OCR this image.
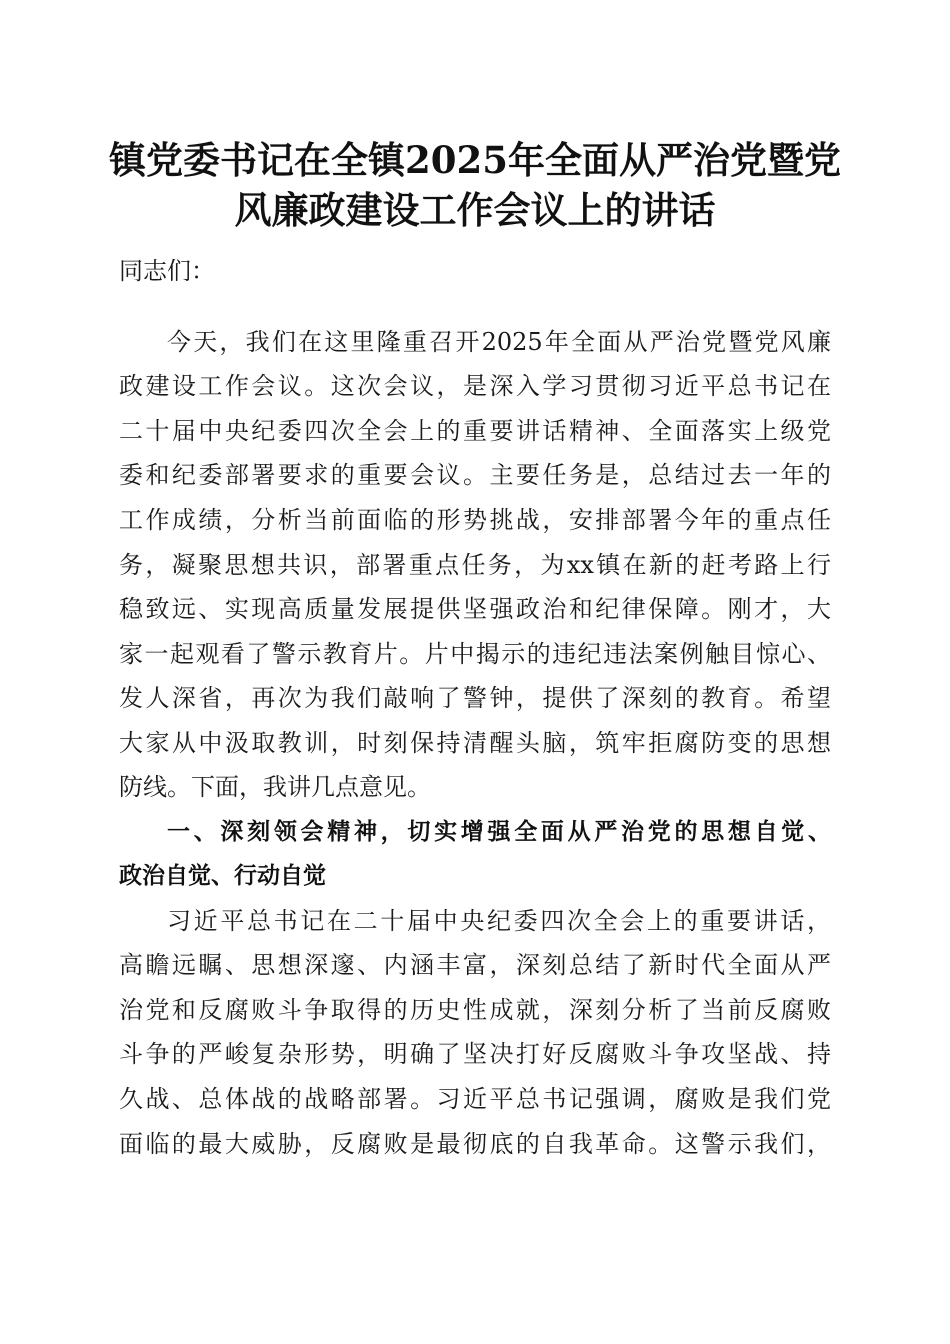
镇党委书记在全镇2025年全面从严治党暨党
风廉政建设工作会议上的讲话
同志们：
今天，我们在这里隆重召开2025年全面从严治党暨党风廉
政建设工作会议。这次会议，是深入学习贯彻习近平总书记在
二十届中央纪委四次全会上的重要讲话精神、全面落实上级党
委和纪委部署要求的重要会议。主要任务是，总结过去一年的
工作成绩，分析当前面临的形势挑战，安排部署今年的重点任
务，凝聚思想共识，部署重点任务，为xx镇在新的赶考路上行
稳致远、实现高质量发展提供坚强政治和纪律保障。刚才，大
家一起观看了警示教育片。片中揭示的违纪违法案例触目惊心、
发人深省，再次为我们敲响了警钟，提供了深刻的教育。希望
大家从中汲取教训，时刻保持清醒头脑，筑牢拒腐防变的思想
防线。下面，我讲几点意见。
一、深刻领会精神，切实增强全面从严治党的思想自觉、
政治自觉、行动自觉
习近平总书记在二十届中央纪委四次全会上的重要讲话，
高瞻远瞩、思想深邃、内涵丰富，深刻总结了新时代全面从严
治党和反腐败斗争取得的历史性成就，深刻分析了当前反腐败
斗争的严峻复杂形势，明确了坚决打好反腐败斗争攻坚战、持
久战、总体战的战略部署。习近平总书记强调，腐败是我们党
面临的最大威胁，反腐败是最彻底的自我革命。这警示我们，
